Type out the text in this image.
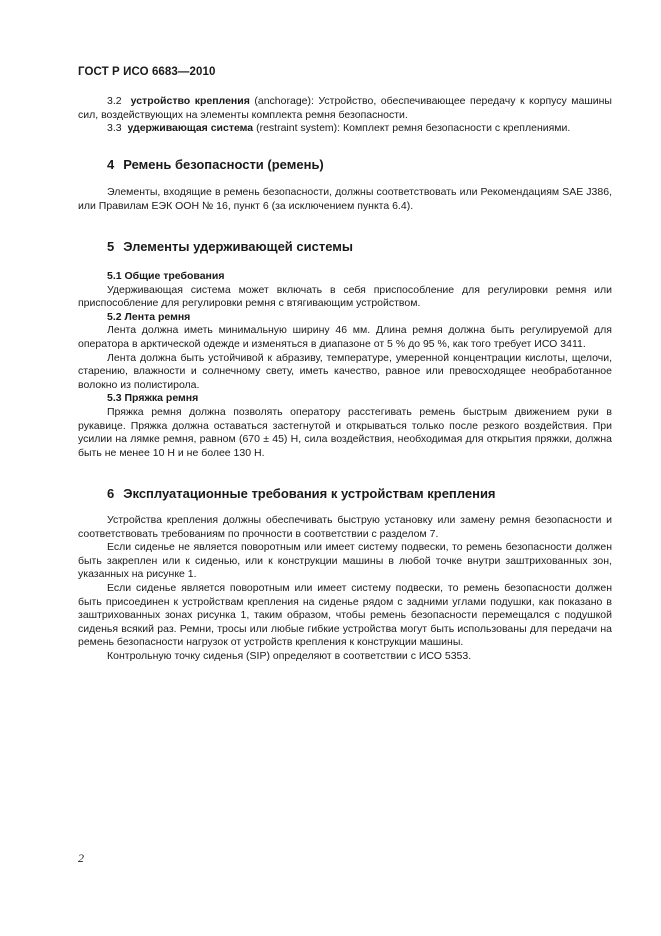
ГОСТ Р ИСО 6683—2010

3.2 устройство крепления (anchorage): Устройство, обеспечивающее передачу к корпусу машины сил, воздействующих на элементы комплекта ремня безопасности.

3.3 удерживающая система (restraint system): Комплект ремня безопасности с креплениями.

4 Ремень безопасности (ремень)

Элементы, входящие в ремень безопасности, должны соответствовать или Рекомендациям SAE J386, или Правилам ЕЭК ООН № 16, пункт 6 (за исключением пункта 6.4).

5 Элементы удерживающей системы

5.1 Общие требования

Удерживающая система может включать в себя приспособление для регулировки ремня или приспособление для регулировки ремня с втягивающим устройством.

5.2 Лента ремня

Лента должна иметь минимальную ширину 46 мм. Длина ремня должна быть регулируемой для оператора в арктической одежде и изменяться в диапазоне от 5 % до 95 %, как того требует ИСО 3411.

Лента должна быть устойчивой к абразиву, температуре, умеренной концентрации кислоты, щелочи, старению, влажности и солнечному свету, иметь качество, равное или превосходящее необработанное волокно из полистирола.

5.3 Пряжка ремня

Пряжка ремня должна позволять оператору расстегивать ремень быстрым движением руки в рукавице. Пряжка должна оставаться застегнутой и открываться только после резкого воздействия. При усилии на лямке ремня, равном (670 ± 45) Н, сила воздействия, необходимая для открытия пряжки, должна быть не менее 10 Н и не более 130 Н.

6 Эксплуатационные требования к устройствам крепления

Устройства крепления должны обеспечивать быструю установку или замену ремня безопасности и соответствовать требованиям по прочности в соответствии с разделом 7.

Если сиденье не является поворотным или имеет систему подвески, то ремень безопасности должен быть закреплен или к сиденью, или к конструкции машины в любой точке внутри заштрихованных зон, указанных на рисунке 1.

Если сиденье является поворотным или имеет систему подвески, то ремень безопасности должен быть присоединен к устройствам крепления на сиденье рядом с задними углами подушки, как показано в заштрихованных зонах рисунка 1, таким образом, чтобы ремень безопасности перемещался с подушкой сиденья всякий раз. Ремни, тросы или любые гибкие устройства могут быть использованы для передачи на ремень безопасности нагрузок от устройств крепления к конструкции машины.

Контрольную точку сиденья (SIP) определяют в соответствии с ИСО 5353.

2
